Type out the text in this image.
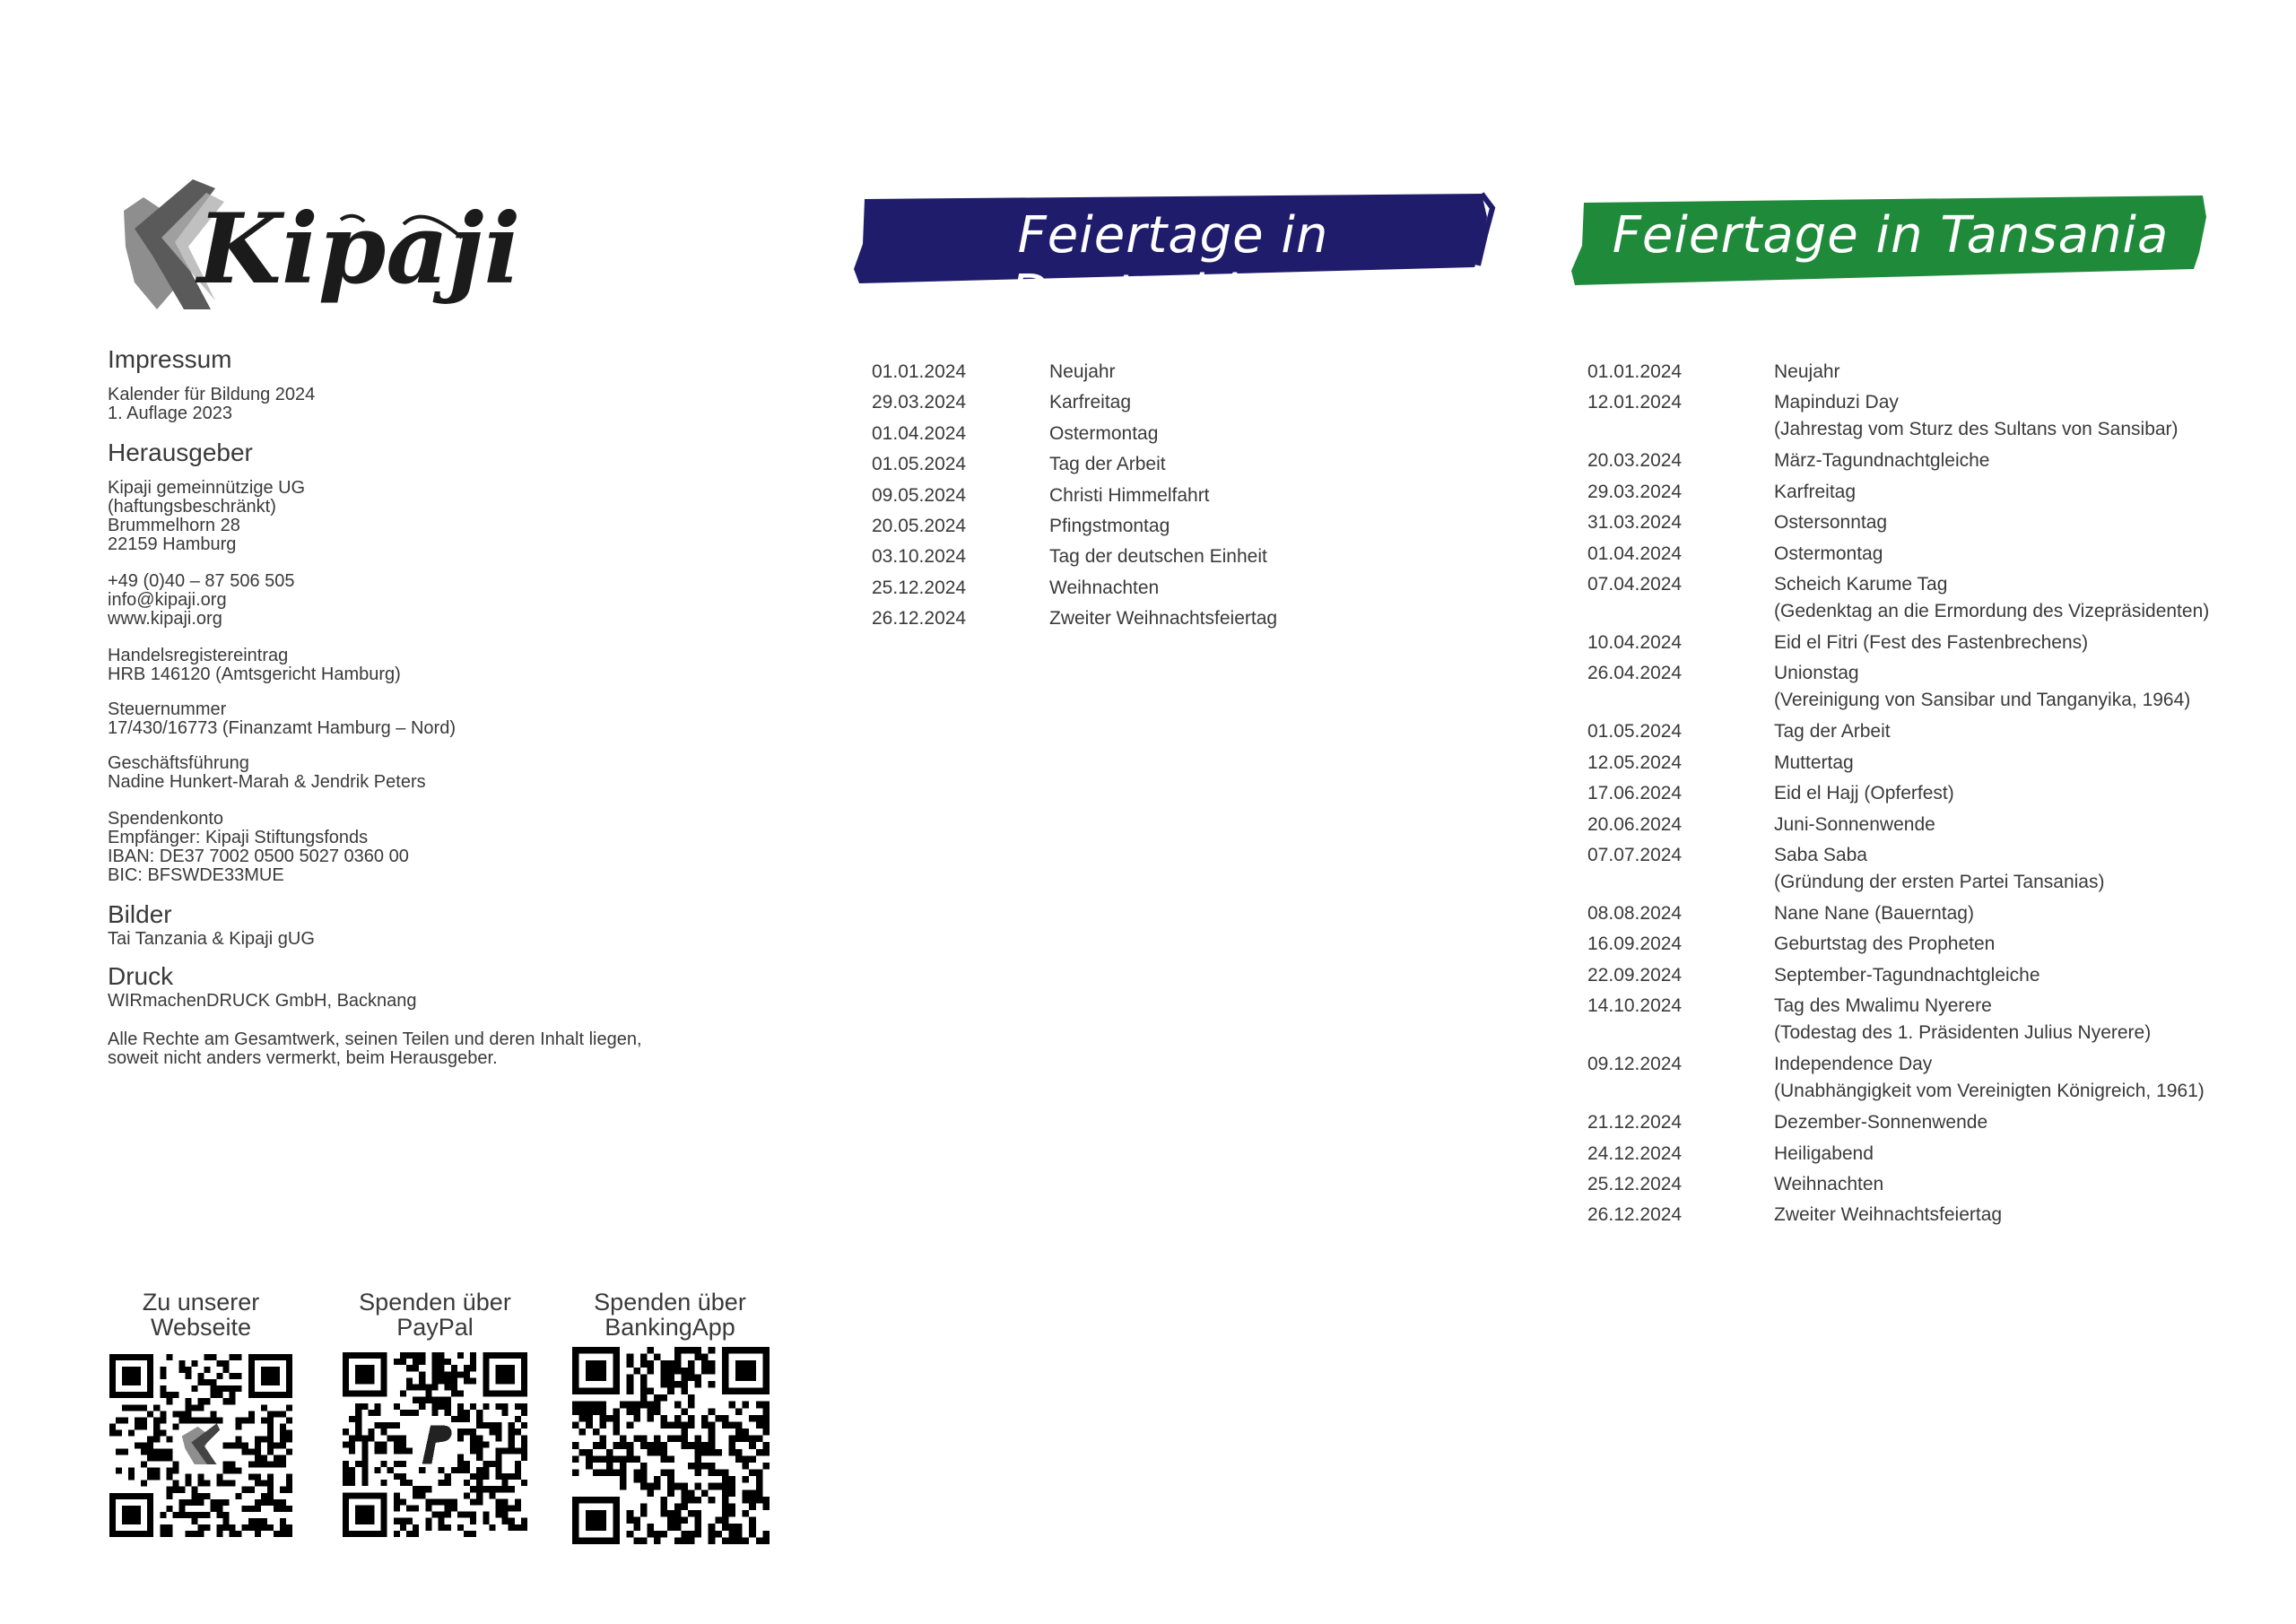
Kipaji
Impressum
Kalender für Bildung 2024
1. Auflage 2023
Herausgeber
Kipaji gemeinnützige UG
(haftungsbeschränkt)
Brummelhorn 28
22159 Hamburg
+49 (0)40 – 87 506 505
info@kipaji.org
www.kipaji.org
Handelsregistereintrag
HRB 146120 (Amtsgericht Hamburg)
Steuernummer
17/430/16773 (Finanzamt Hamburg – Nord)
Geschäftsführung
Nadine Hunkert-Marah & Jendrik Peters
Spendenkonto
Empfänger: Kipaji Stiftungsfonds
IBAN: DE37 7002 0500 5027 0360 00
BIC: BFSWDE33MUE
Bilder
Tai Tanzania & Kipaji gUG
Druck
WIRmachenDRUCK GmbH, Backnang
Alle Rechte am Gesamtwerk, seinen Teilen und deren Inhalt liegen,
soweit nicht anders vermerkt, beim Herausgeber.
Feiertage in Deutschland
Feiertage in Tansania
01.01.2024	Neujahr
29.03.2024	Karfreitag
01.04.2024	Ostermontag
01.05.2024	Tag der Arbeit
09.05.2024	Christi Himmelfahrt
20.05.2024	Pfingstmontag
03.10.2024	Tag der deutschen Einheit
25.12.2024	Weihnachten
26.12.2024	Zweiter Weihnachtsfeiertag
01.01.2024	Neujahr
12.01.2024	Mapinduzi Day
(Jahrestag vom Sturz des Sultans von Sansibar)
20.03.2024	März-Tagundnachtgleiche
29.03.2024	Karfreitag
31.03.2024	Ostersonntag
01.04.2024	Ostermontag
07.04.2024	Scheich Karume Tag
(Gedenktag an die Ermordung des Vizepräsidenten)
10.04.2024	Eid el Fitri (Fest des Fastenbrechens)
26.04.2024	Unionstag
(Vereinigung von Sansibar und Tanganyika, 1964)
01.05.2024	Tag der Arbeit
12.05.2024	Muttertag
17.06.2024	Eid el Hajj (Opferfest)
20.06.2024	Juni-Sonnenwende
07.07.2024	Saba Saba
(Gründung der ersten Partei Tansanias)
08.08.2024	Nane Nane (Bauerntag)
16.09.2024	Geburtstag des Propheten
22.09.2024	September-Tagundnachtgleiche
14.10.2024	Tag des Mwalimu Nyerere
(Todestag des 1. Präsidenten Julius Nyerere)
09.12.2024	Independence Day
(Unabhängigkeit vom Vereinigten Königreich, 1961)
21.12.2024	Dezember-Sonnenwende
24.12.2024	Heiligabend
25.12.2024	Weihnachten
26.12.2024	Zweiter Weihnachtsfeiertag
Zu unserer
Webseite
Spenden über
PayPal
Spenden über
BankingApp
